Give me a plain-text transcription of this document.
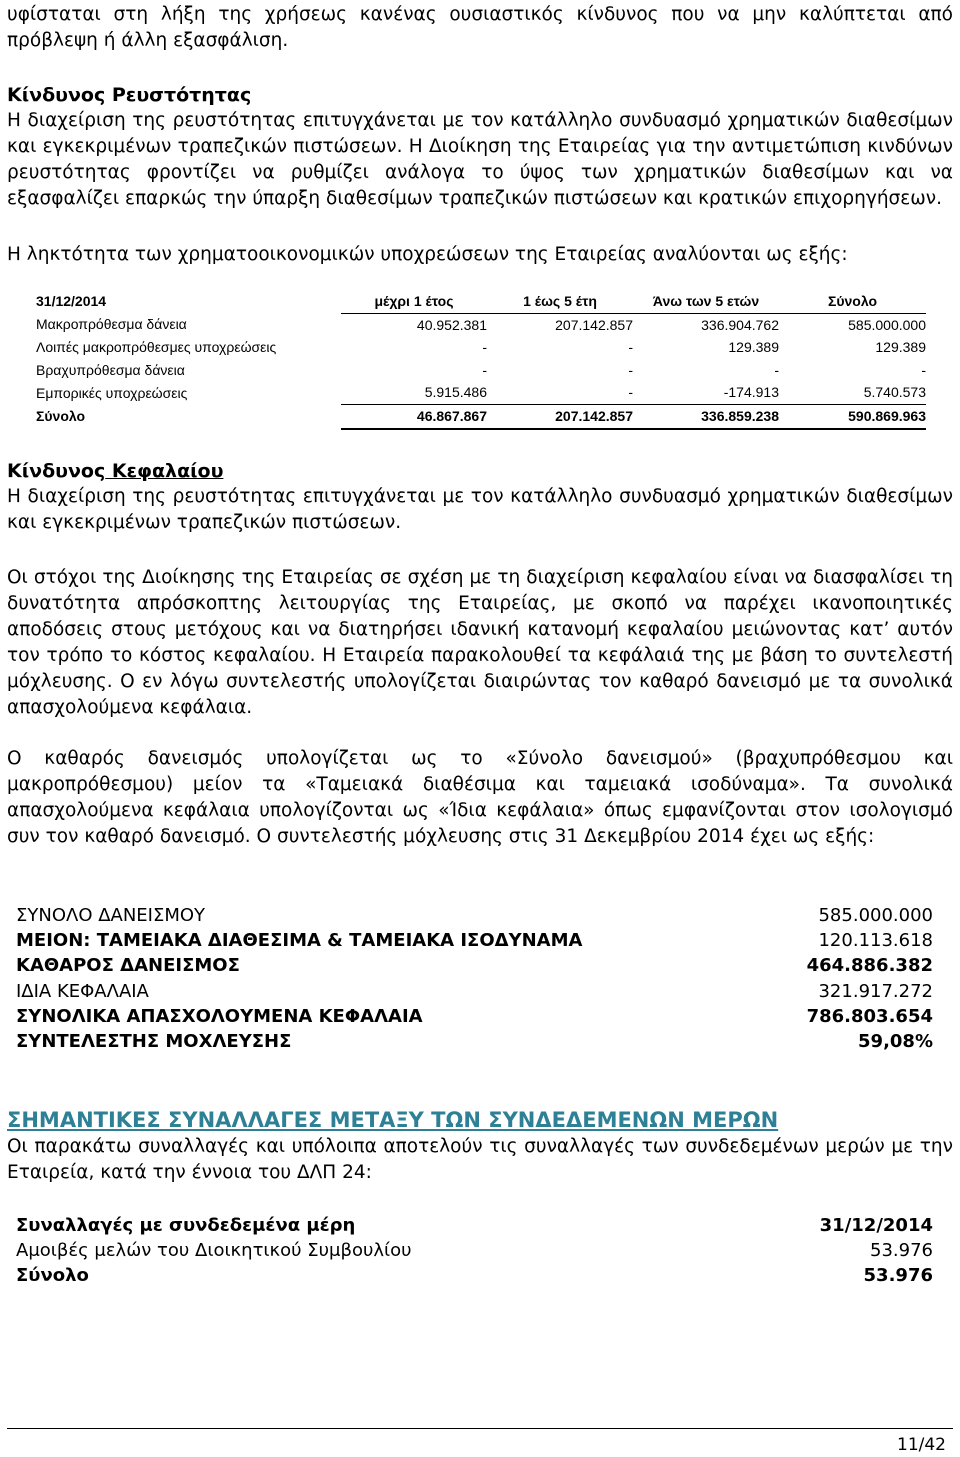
υφίσταται στη λήξη της χρήσεως κανένας ουσιαστικός κίνδυνος που να μην καλύπτεται από πρόβλεψη ή άλλη εξασφάλιση.

Κίνδυνος Ρευστότητας

Η διαχείριση της ρευστότητας επιτυγχάνεται με τον κατάλληλο συνδυασμό χρηματικών διαθεσίμων και εγκεκριμένων τραπεζικών πιστώσεων. Η Διοίκηση της Εταιρείας για την αντιμετώπιση κινδύνων ρευστότητας φροντίζει να ρυθμίζει ανάλογα το ύψος των χρηματικών διαθεσίμων και να εξασφαλίζει επαρκώς την ύπαρξη διαθεσίμων τραπεζικών πιστώσεων και κρατικών επιχορηγήσεων.

Η ληκτότητα των χρηματοοικονομικών υποχρεώσεων της Εταιρείας αναλύονται ως εξής:

31/12/2014	μέχρι 1 έτος	1 έως 5 έτη	Άνω των 5 ετών	Σύνολο
Μακροπρόθεσμα δάνεια	40.952.381	207.142.857	336.904.762	585.000.000
Λοιπές μακροπρόθεσμες υποχρεώσεις	-	-	129.389	129.389
Βραχυπρόθεσμα δάνεια	-	-	-	-
Εμπορικές υποχρεώσεις	5.915.486	-	-174.913	5.740.573
Σύνολο	46.867.867	207.142.857	336.859.238	590.869.963
Κίνδυνος Κεφαλαίου

Η διαχείριση της ρευστότητας επιτυγχάνεται με τον κατάλληλο συνδυασμό χρηματικών διαθεσίμων και εγκεκριμένων τραπεζικών πιστώσεων.

Οι στόχοι της Διοίκησης της Εταιρείας σε σχέση με τη διαχείριση κεφαλαίου είναι να διασφαλίσει τη δυνατότητα απρόσκοπτης λειτουργίας της Εταιρείας, με σκοπό να παρέχει ικανοποιητικές αποδόσεις στους μετόχους και να διατηρήσει ιδανική κατανομή κεφαλαίου μειώνοντας κατ’ αυτόν τον τρόπο το κόστος κεφαλαίου. Η Εταιρεία παρακολουθεί τα κεφάλαιά της με βάση το συντελεστή μόχλευσης. Ο εν λόγω συντελεστής υπολογίζεται διαιρώντας τον καθαρό δανεισμό με τα συνολικά απασχολούμενα κεφάλαια.

Ο καθαρός δανεισμός υπολογίζεται ως το «Σύνολο δανεισμού» (βραχυπρόθεσμου και μακροπρόθεσμου) μείον τα «Ταμειακά διαθέσιμα και ταμειακά ισοδύναμα». Τα συνολικά απασχολούμενα κεφάλαια υπολογίζονται ως «Ίδια κεφάλαια» όπως εμφανίζονται στον ισολογισμό συν τον καθαρό δανεισμό. Ο συντελεστής μόχλευσης στις 31 Δεκεμβρίου 2014 έχει ως εξής:

ΣΥΝΟΛΟ ΔΑΝΕΙΣΜΟΥ	585.000.000
ΜΕΙΟΝ: ΤΑΜΕΙΑΚΑ ΔΙΑΘΕΣΙΜΑ & ΤΑΜΕΙΑΚΑ ΙΣΟΔΥΝΑΜΑ	120.113.618
ΚΑΘΑΡΟΣ ΔΑΝΕΙΣΜΟΣ	464.886.382
ΙΔΙΑ ΚΕΦΑΛΑΙΑ	321.917.272
ΣΥΝΟΛΙΚΑ ΑΠΑΣΧΟΛΟΥΜΕΝΑ ΚΕΦΑΛΑΙΑ	786.803.654
ΣΥΝΤΕΛΕΣΤΗΣ ΜΟΧΛΕΥΣΗΣ	59,08%
ΣΗΜΑΝΤΙΚΕΣ ΣΥΝΑΛΛΑΓΕΣ ΜΕΤΑΞΥ ΤΩΝ ΣΥΝΔΕΔΕΜΕΝΩΝ ΜΕΡΩΝ

Οι παρακάτω συναλλαγές και υπόλοιπα αποτελούν τις συναλλαγές των συνδεδεμένων μερών με την Εταιρεία, κατά την έννοια του ΔΛΠ 24:

Συναλλαγές με συνδεδεμένα μέρη	31/12/2014
Αμοιβές μελών του Διοικητικού Συμβουλίου	53.976
Σύνολο	53.976
11/42
